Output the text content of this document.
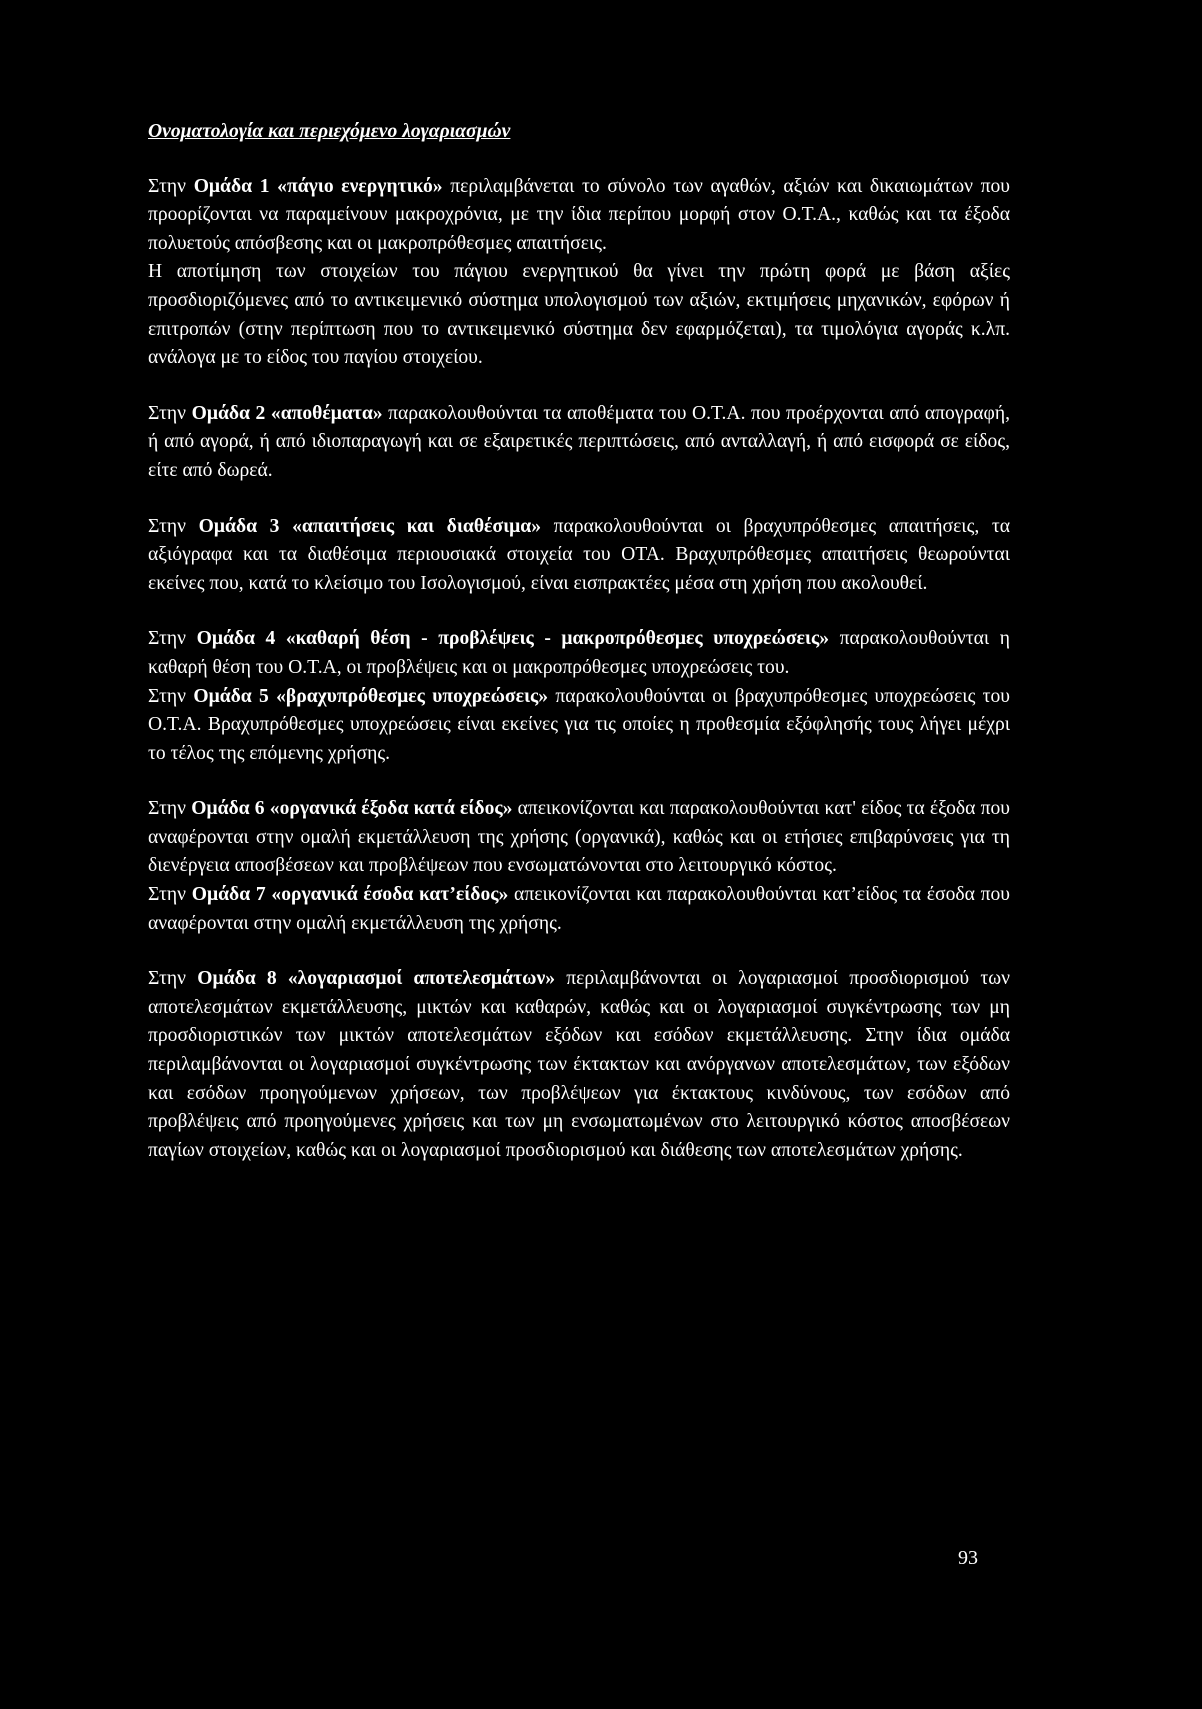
Ονοματολογία και περιεχόμενο λογαριασμών

Στην Ομάδα 1 «πάγιο ενεργητικό» περιλαμβάνεται το σύνολο των αγαθών, αξιών και δικαιωμάτων που προορίζονται να παραμείνουν μακροχρόνια, με την ίδια περίπου μορφή στον Ο.Τ.Α., καθώς και τα έξοδα πολυετούς απόσβεσης και οι μακροπρόθεσμες απαιτήσεις.

Η αποτίμηση των στοιχείων του πάγιου ενεργητικού θα γίνει την πρώτη φορά με βάση αξίες προσδιοριζόμενες από το αντικειμενικό σύστημα υπολογισμού των αξιών, εκτιμήσεις μηχανικών, εφόρων ή επιτροπών (στην περίπτωση που το αντικειμενικό σύστημα δεν εφαρμόζεται), τα τιμολόγια αγοράς κ.λπ. ανάλογα με το είδος του παγίου στοιχείου.

Στην Ομάδα 2 «αποθέματα» παρακολουθούνται τα αποθέματα του Ο.Τ.Α. που προέρχονται από απογραφή, ή από αγορά, ή από ιδιοπαραγωγή και σε εξαιρετικές περιπτώσεις, από ανταλλαγή, ή από εισφορά σε είδος, είτε από δωρεά.

Στην Ομάδα 3 «απαιτήσεις και διαθέσιμα» παρακολουθούνται οι βραχυπρόθεσμες απαιτήσεις, τα αξιόγραφα και τα διαθέσιμα περιουσιακά στοιχεία του ΟΤΑ. Βραχυπρόθεσμες απαιτήσεις θεωρούνται εκείνες που, κατά το κλείσιμο του Ισολογισμού, είναι εισπρακτέες μέσα στη χρήση που ακολουθεί.

Στην Ομάδα 4 «καθαρή θέση - προβλέψεις - μακροπρόθεσμες υποχρεώσεις» παρακολουθούνται η καθαρή θέση του Ο.Τ.Α, οι προβλέψεις και οι μακροπρόθεσμες υποχρεώσεις του.

Στην Ομάδα 5 «βραχυπρόθεσμες υποχρεώσεις» παρακολουθούνται οι βραχυπρόθεσμες υποχρεώσεις του Ο.Τ.Α. Βραχυπρόθεσμες υποχρεώσεις είναι εκείνες για τις οποίες η προθεσμία εξόφλησής τους λήγει μέχρι το τέλος της επόμενης χρήσης.

Στην Ομάδα 6 «οργανικά έξοδα κατά είδος» απεικονίζονται και παρακολουθούνται κατ' είδος τα έξοδα που αναφέρονται στην ομαλή εκμετάλλευση της χρήσης (οργανικά), καθώς και οι ετήσιες επιβαρύνσεις για τη διενέργεια αποσβέσεων και προβλέψεων που ενσωματώνονται στο λειτουργικό κόστος.

Στην Ομάδα 7 «οργανικά έσοδα κατ’είδος» απεικονίζονται και παρακολουθούνται κατ’είδος τα έσοδα που αναφέρονται στην ομαλή εκμετάλλευση της χρήσης.

Στην Ομάδα 8 «λογαριασμοί αποτελεσμάτων» περιλαμβάνονται οι λογαριασμοί προσδιορισμού των αποτελεσμάτων εκμετάλλευσης, μικτών και καθαρών, καθώς και οι λογαριασμοί συγκέντρωσης των μη προσδιοριστικών των μικτών αποτελεσμάτων εξόδων και εσόδων εκμετάλλευσης. Στην ίδια ομάδα περιλαμβάνονται οι λογαριασμοί συγκέντρωσης των έκτακτων και ανόργανων αποτελεσμάτων, των εξόδων και εσόδων προηγούμενων χρήσεων, των προβλέψεων για έκτακτους κινδύνους, των εσόδων από προβλέψεις από προηγούμενες χρήσεις και των μη ενσωματωμένων στο λειτουργικό κόστος αποσβέσεων παγίων στοιχείων, καθώς και οι λογαριασμοί προσδιορισμού και διάθεσης των αποτελεσμάτων χρήσης.

93
